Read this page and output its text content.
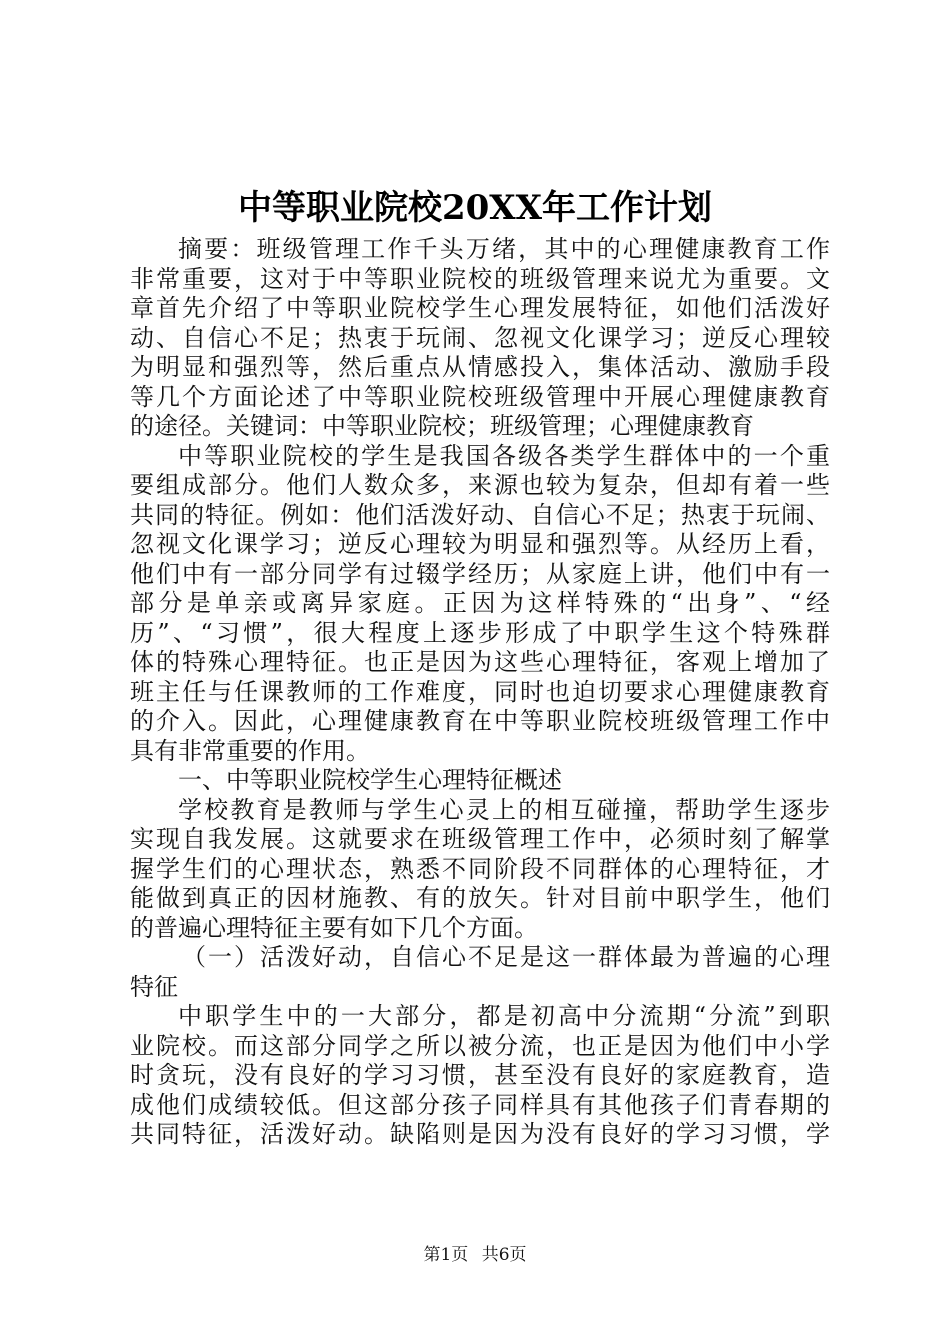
中等职业院校20XX年工作计划
摘要：班级管理工作千头万绪，其中的心理健康教育工作
非常重要，这对于中等职业院校的班级管理来说尤为重要。文
章首先介绍了中等职业院校学生心理发展特征，如他们活泼好
动、自信心不足；热衷于玩闹、忽视文化课学习；逆反心理较
为明显和强烈等，然后重点从情感投入，集体活动、激励手段
等几个方面论述了中等职业院校班级管理中开展心理健康教育
的途径。关键词：中等职业院校；班级管理；心理健康教育
中等职业院校的学生是我国各级各类学生群体中的一个重
要组成部分。他们人数众多，来源也较为复杂，但却有着一些
共同的特征。例如：他们活泼好动、自信心不足；热衷于玩闹、
忽视文化课学习；逆反心理较为明显和强烈等。从经历上看，
他们中有一部分同学有过辍学经历；从家庭上讲，他们中有一
部分是单亲或离异家庭。正因为这样特殊的“出身”、“经
历”、“习惯”，很大程度上逐步形成了中职学生这个特殊群
体的特殊心理特征。也正是因为这些心理特征，客观上增加了
班主任与任课教师的工作难度，同时也迫切要求心理健康教育
的介入。因此，心理健康教育在中等职业院校班级管理工作中
具有非常重要的作用。
一、中等职业院校学生心理特征概述
学校教育是教师与学生心灵上的相互碰撞，帮助学生逐步
实现自我发展。这就要求在班级管理工作中，必须时刻了解掌
握学生们的心理状态，熟悉不同阶段不同群体的心理特征，才
能做到真正的因材施教、有的放矢。针对目前中职学生，他们
的普遍心理特征主要有如下几个方面。
（一）活泼好动，自信心不足是这一群体最为普遍的心理
特征
中职学生中的一大部分，都是初高中分流期“分流”到职
业院校。而这部分同学之所以被分流，也正是因为他们中小学
时贪玩，没有良好的学习习惯，甚至没有良好的家庭教育，造
成他们成绩较低。但这部分孩子同样具有其他孩子们青春期的
共同特征，活泼好动。缺陷则是因为没有良好的学习习惯，学
第1页 共6页
